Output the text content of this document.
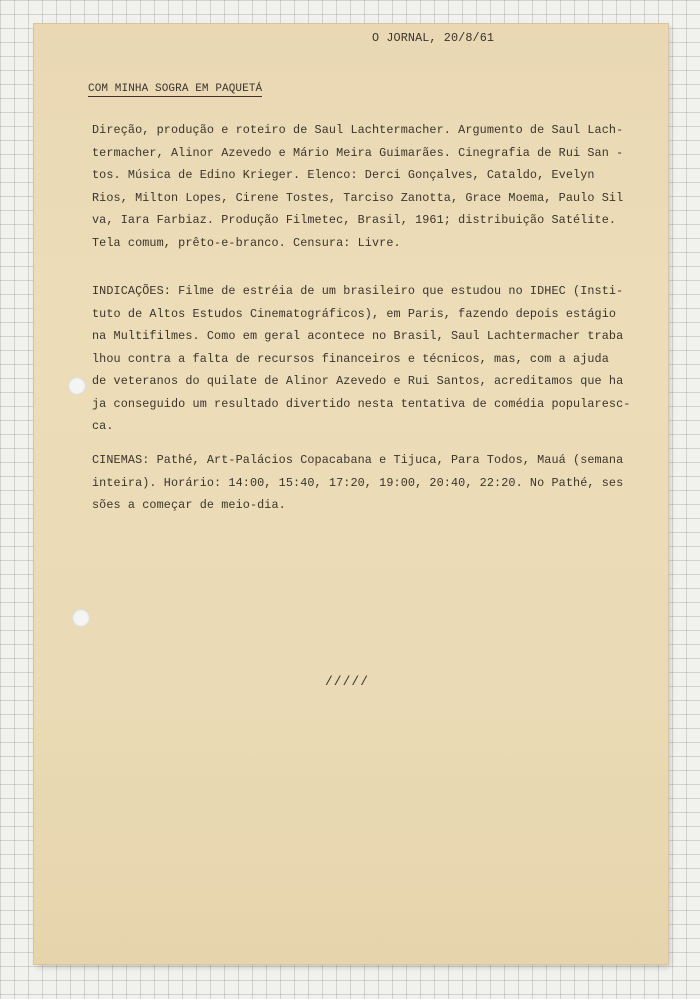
O JORNAL, 20/8/61
COM MINHA SOGRA EM PAQUETÁ
Direção, produção e roteiro de Saul Lachtermacher. Argumento de Saul Lach-
termacher, Alinor Azevedo e Mário Meira Guimarães. Cinegrafia de Rui San -
tos. Música de Edino Krieger. Elenco: Derci Gonçalves, Cataldo, Evelyn
Rios, Milton Lopes, Cirene Tostes, Tarciso Zanotta, Grace Moema, Paulo Sil
va, Iara Farbiaz. Produção Filmetec, Brasil, 1961; distribuição Satélite.
Tela comum, prêto-e-branco. Censura: Livre.
INDICAÇÕES: Filme de estréia de um brasileiro que estudou no IDHEC (Insti-
tuto de Altos Estudos Cinematográficos), em Paris, fazendo depois estágio
na Multifilmes. Como em geral acontece no Brasil, Saul Lachtermacher traba
lhou contra a falta de recursos financeiros e técnicos, mas, com a ajuda
de veteranos do quilate de Alinor Azevedo e Rui Santos, acreditamos que ha
ja conseguido um resultado divertido nesta tentativa de comédia popularesc-
ca.
CINEMAS: Pathé, Art-Palácios Copacabana e Tijuca, Para Todos, Mauá (semana
inteira). Horário: 14:00, 15:40, 17:20, 19:00, 20:40, 22:20. No Pathé, ses
sões a começar de meio-dia.
/////
